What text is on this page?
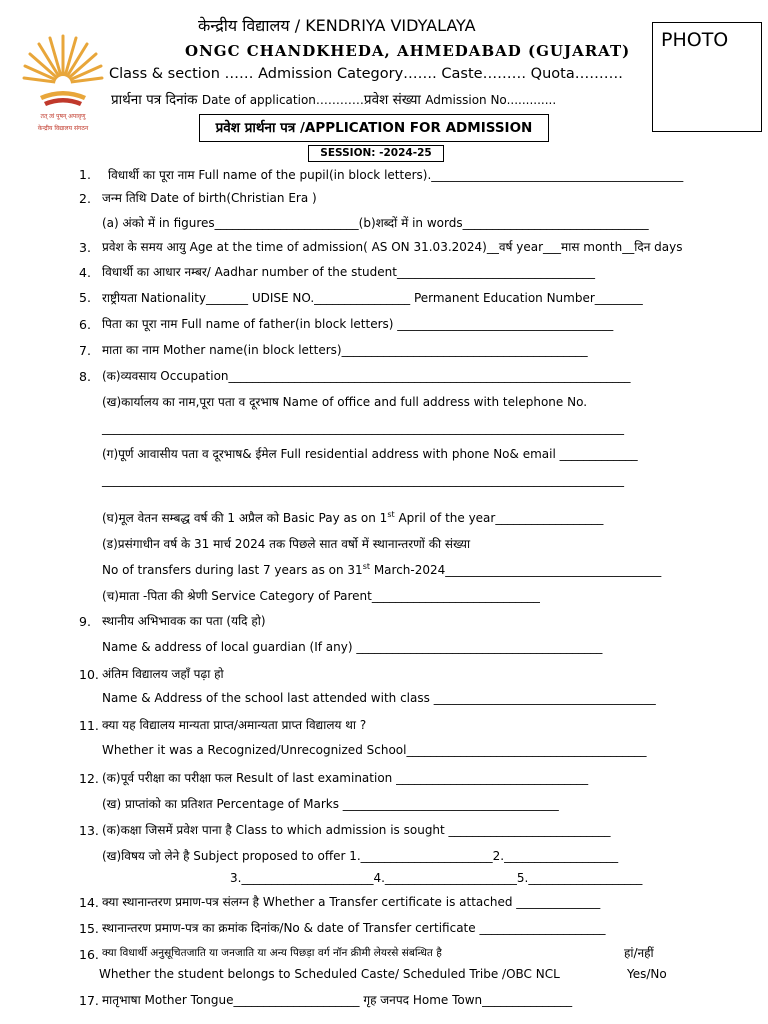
तत् त्वं पूषन् अपावृणु
केन्द्रीय विद्यालय संगठन
केन्द्रीय विद्यालय / KENDRIYA VIDYALAYA
ONGC CHANDKHEDA, AHMEDABAD (GUJARAT)
Class & section …… Admission Category……. Caste……… Quota……….
प्रार्थना पत्र दिनांक Date of application…………प्रवेश संख्या Admission No.............
PHOTO
प्रवेश प्रार्थना पत्र /APPLICATION FOR ADMISSION
SESSION: -2024-25
1. विधार्थी का पूरा नाम Full name of the pupil(in block letters).__________________________________________
2. जन्म तिथि Date of birth(Christian Era )
(a) अंको में in figures________________________(b)शब्दों में in words_______________________________
3. प्रवेश के समय आयु Age at the time of admission( AS ON 31.03.2024)__वर्ष year___मास month__दिन days
4. विधार्थी का आधार नम्बर/ Aadhar number of the student_________________________________
5. राष्ट्रीयता Nationality_______ UDISE NO.________________ Permanent Education Number________
6. पिता का पूरा नाम Full name of father(in block letters) ____________________________________
7. माता का नाम Mother name(in block letters)_________________________________________
8. (क)व्यवसाय Occupation___________________________________________________________________
(ख)कार्यालय का नाम,पूरा पता व दूरभाष Name of office and full address with telephone No.
_______________________________________________________________________________________
(ग)पूर्ण आवासीय पता व दूरभाष& ईमेल Full residential address with phone No& email _____________
_______________________________________________________________________________________
(घ)मूल वेतन सम्बद्ध वर्ष की 1 अप्रैल को Basic Pay as on 1st April of the year__________________
(ड)प्रसंगाधीन वर्ष के 31 मार्च 2024 तक पिछले सात वर्षो में स्थानान्तरणों की संख्या
No of transfers during last 7 years as on 31st March-2024____________________________________
(च)माता -पिता की श्रेणी Service Category of Parent____________________________
9. स्थानीय अभिभावक का पता (यदि हो)
Name & address of local guardian (If any) _________________________________________
10. अंतिम विद्यालय जहाँ पढ़ा हो
Name & Address of the school last attended with class _____________________________________
11. क्या यह विद्यालय मान्यता प्राप्त/अमान्यता प्राप्त विद्यालय था ?
Whether it was a Recognized/Unrecognized School________________________________________
12. (क)पूर्व परीक्षा का परीक्षा फल Result of last examination ________________________________
(ख) प्राप्तांको का प्रतिशत Percentage of Marks ____________________________________
13. (क)कक्षा जिसमें प्रवेश पाना है Class to which admission is sought ___________________________
(ख)विषय जो लेने है Subject proposed to offer 1.______________________2.___________________
3.______________________4.______________________5.___________________
14. क्या स्थानान्तरण प्रमाण-पत्र संलग्न है Whether a Transfer certificate is attached ______________
15. स्थानान्तरण प्रमाण-पत्र का क्रमांक दिनांक/No & date of Transfer certificate _____________________
16. क्या विधार्थी अनुसूचितजाति या जनजाति या अन्य पिछड़ा वर्ग नॉन क्रीमी लेयरसे संबन्धित है	हां/नहीं
Whether the student belongs to Scheduled Caste/ Scheduled Tribe /OBC NCL	Yes/No
17. मातृभाषा Mother Tongue_____________________ गृह जनपद Home Town_______________
